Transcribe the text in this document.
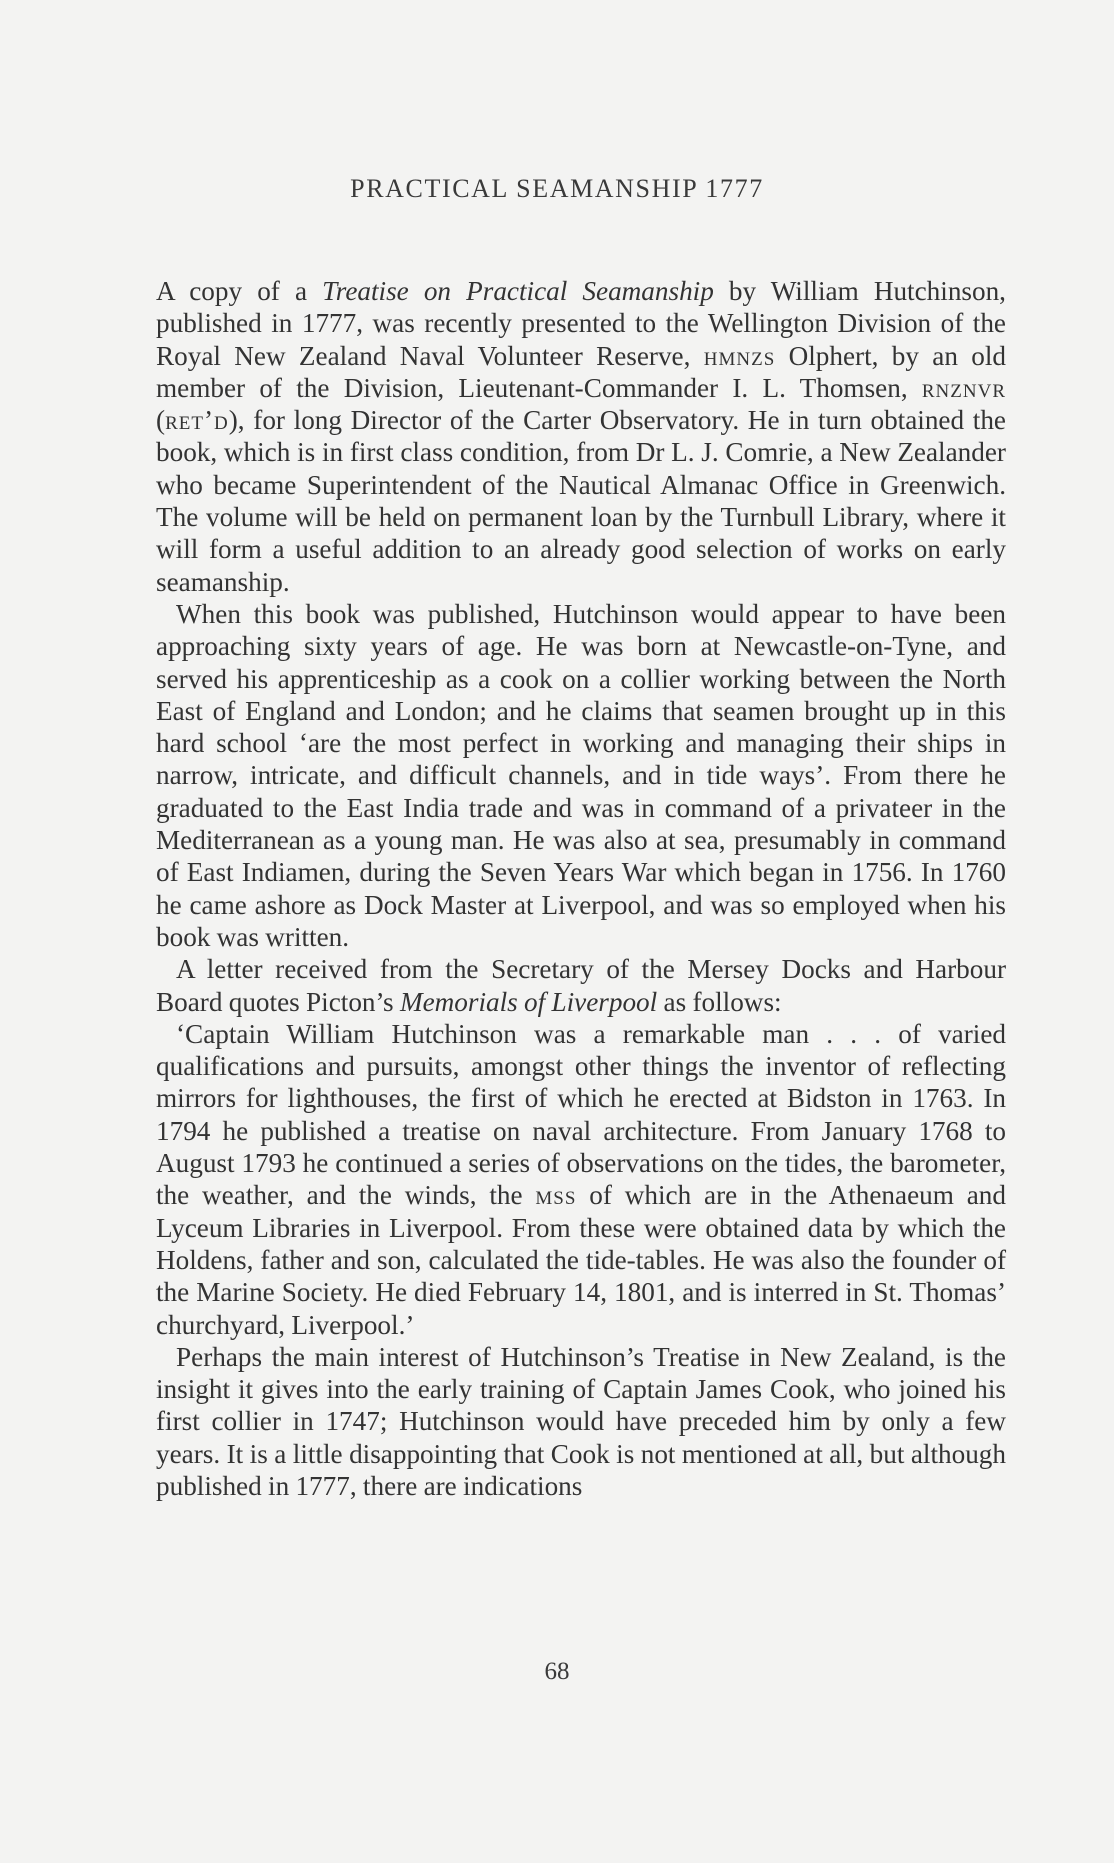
PRACTICAL SEAMANSHIP 1777

A copy of a Treatise on Practical Seamanship by William Hutchinson, published in 1777, was recently presented to the Wellington Division of the Royal New Zealand Naval Volunteer Reserve, hmnzs Olphert, by an old member of the Division, Lieutenant-Commander I. L. Thomsen, rnznvr (ret’d), for long Director of the Carter Observatory. He in turn obtained the book, which is in first class condition, from Dr L. J. Comrie, a New Zealander who became Superintendent of the Nautical Almanac Office in Greenwich. The volume will be held on permanent loan by the Turnbull Library, where it will form a useful addition to an already good selection of works on early seamanship.

When this book was published, Hutchinson would appear to have been approaching sixty years of age. He was born at Newcastle-on-Tyne, and served his apprenticeship as a cook on a collier working between the North East of England and London; and he claims that seamen brought up in this hard school ‘are the most perfect in working and managing their ships in narrow, intricate, and difficult channels, and in tide ways’. From there he graduated to the East India trade and was in command of a privateer in the Mediterranean as a young man. He was also at sea, presumably in command of East Indiamen, during the Seven Years War which began in 1756. In 1760 he came ashore as Dock Master at Liverpool, and was so employed when his book was written.

A letter received from the Secretary of the Mersey Docks and Harbour Board quotes Picton’s Memorials of Liverpool as follows:

‘Captain William Hutchinson was a remarkable man . . . of varied qualifications and pursuits, amongst other things the inventor of reflecting mirrors for lighthouses, the first of which he erected at Bidston in 1763. In 1794 he published a treatise on naval architecture. From January 1768 to August 1793 he continued a series of observations on the tides, the barometer, the weather, and the winds, the mss of which are in the Athenaeum and Lyceum Libraries in Liverpool. From these were obtained data by which the Holdens, father and son, calculated the tide-tables. He was also the founder of the Marine Society. He died February 14, 1801, and is interred in St. Thomas’ churchyard, Liverpool.’

Perhaps the main interest of Hutchinson’s Treatise in New Zealand, is the insight it gives into the early training of Captain James Cook, who joined his first collier in 1747; Hutchinson would have preceded him by only a few years. It is a little disappointing that Cook is not mentioned at all, but although published in 1777, there are indications

68
